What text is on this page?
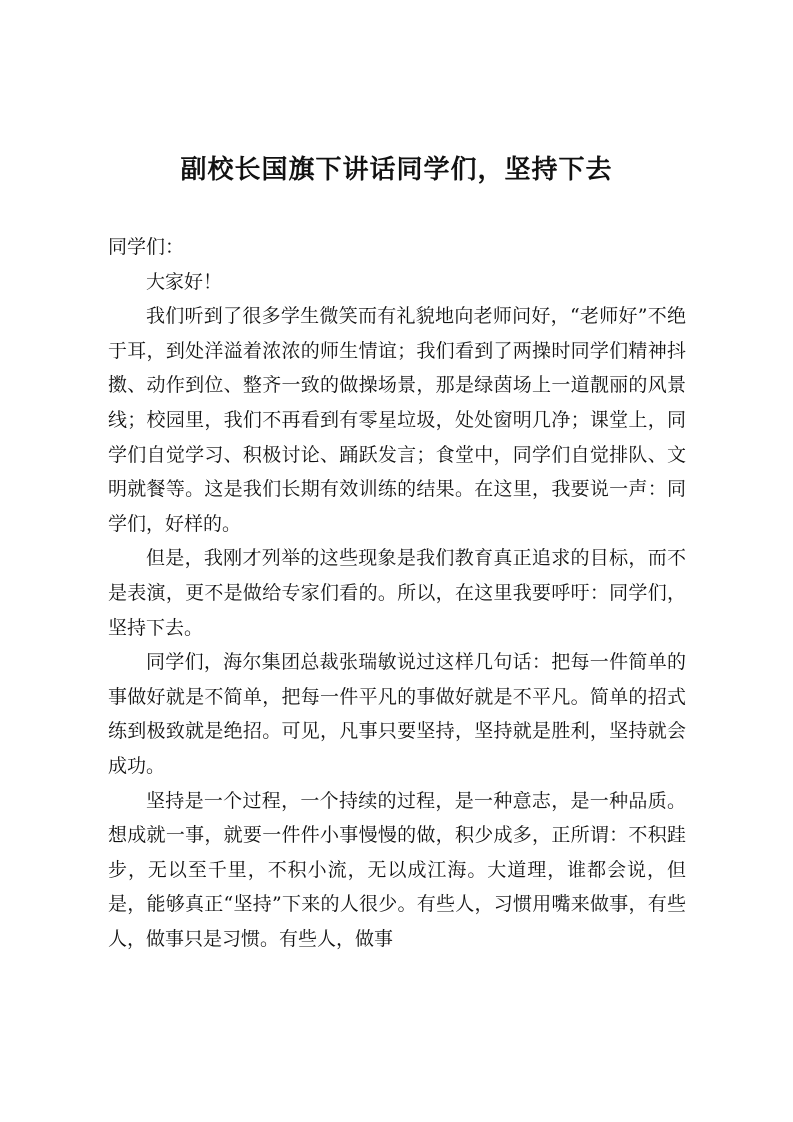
副校长国旗下讲话同学们，坚持下去

同学们：

大家好！

我们听到了很多学生微笑而有礼貌地向老师问好，“老师好”不绝于耳，到处洋溢着浓浓的师生情谊；我们看到了两操时同学们精神抖擞、动作到位、整齐一致的做操场景，那是绿茵场上一道靓丽的风景线；校园里，我们不再看到有零星垃圾，处处窗明几净；课堂上，同学们自觉学习、积极讨论、踊跃发言；食堂中，同学们自觉排队、文明就餐等。这是我们长期有效训练的结果。在这里，我要说一声：同学们，好样的。

但是，我刚才列举的这些现象是我们教育真正追求的目标，而不是表演，更不是做给专家们看的。所以，在这里我要呼吁：同学们，坚持下去。

同学们，海尔集团总裁张瑞敏说过这样几句话：把每一件简单的事做好就是不简单，把每一件平凡的事做好就是不平凡。简单的招式练到极致就是绝招。可见，凡事只要坚持，坚持就是胜利，坚持就会成功。

坚持是一个过程，一个持续的过程，是一种意志，是一种品质。想成就一事，就要一件件小事慢慢的做，积少成多，正所谓：不积跬步，无以至千里，不积小流，无以成江海。大道理，谁都会说，但是，能够真正“坚持”下来的人很少。有些人，习惯用嘴来做事，有些人，做事只是习惯。有些人，做事
